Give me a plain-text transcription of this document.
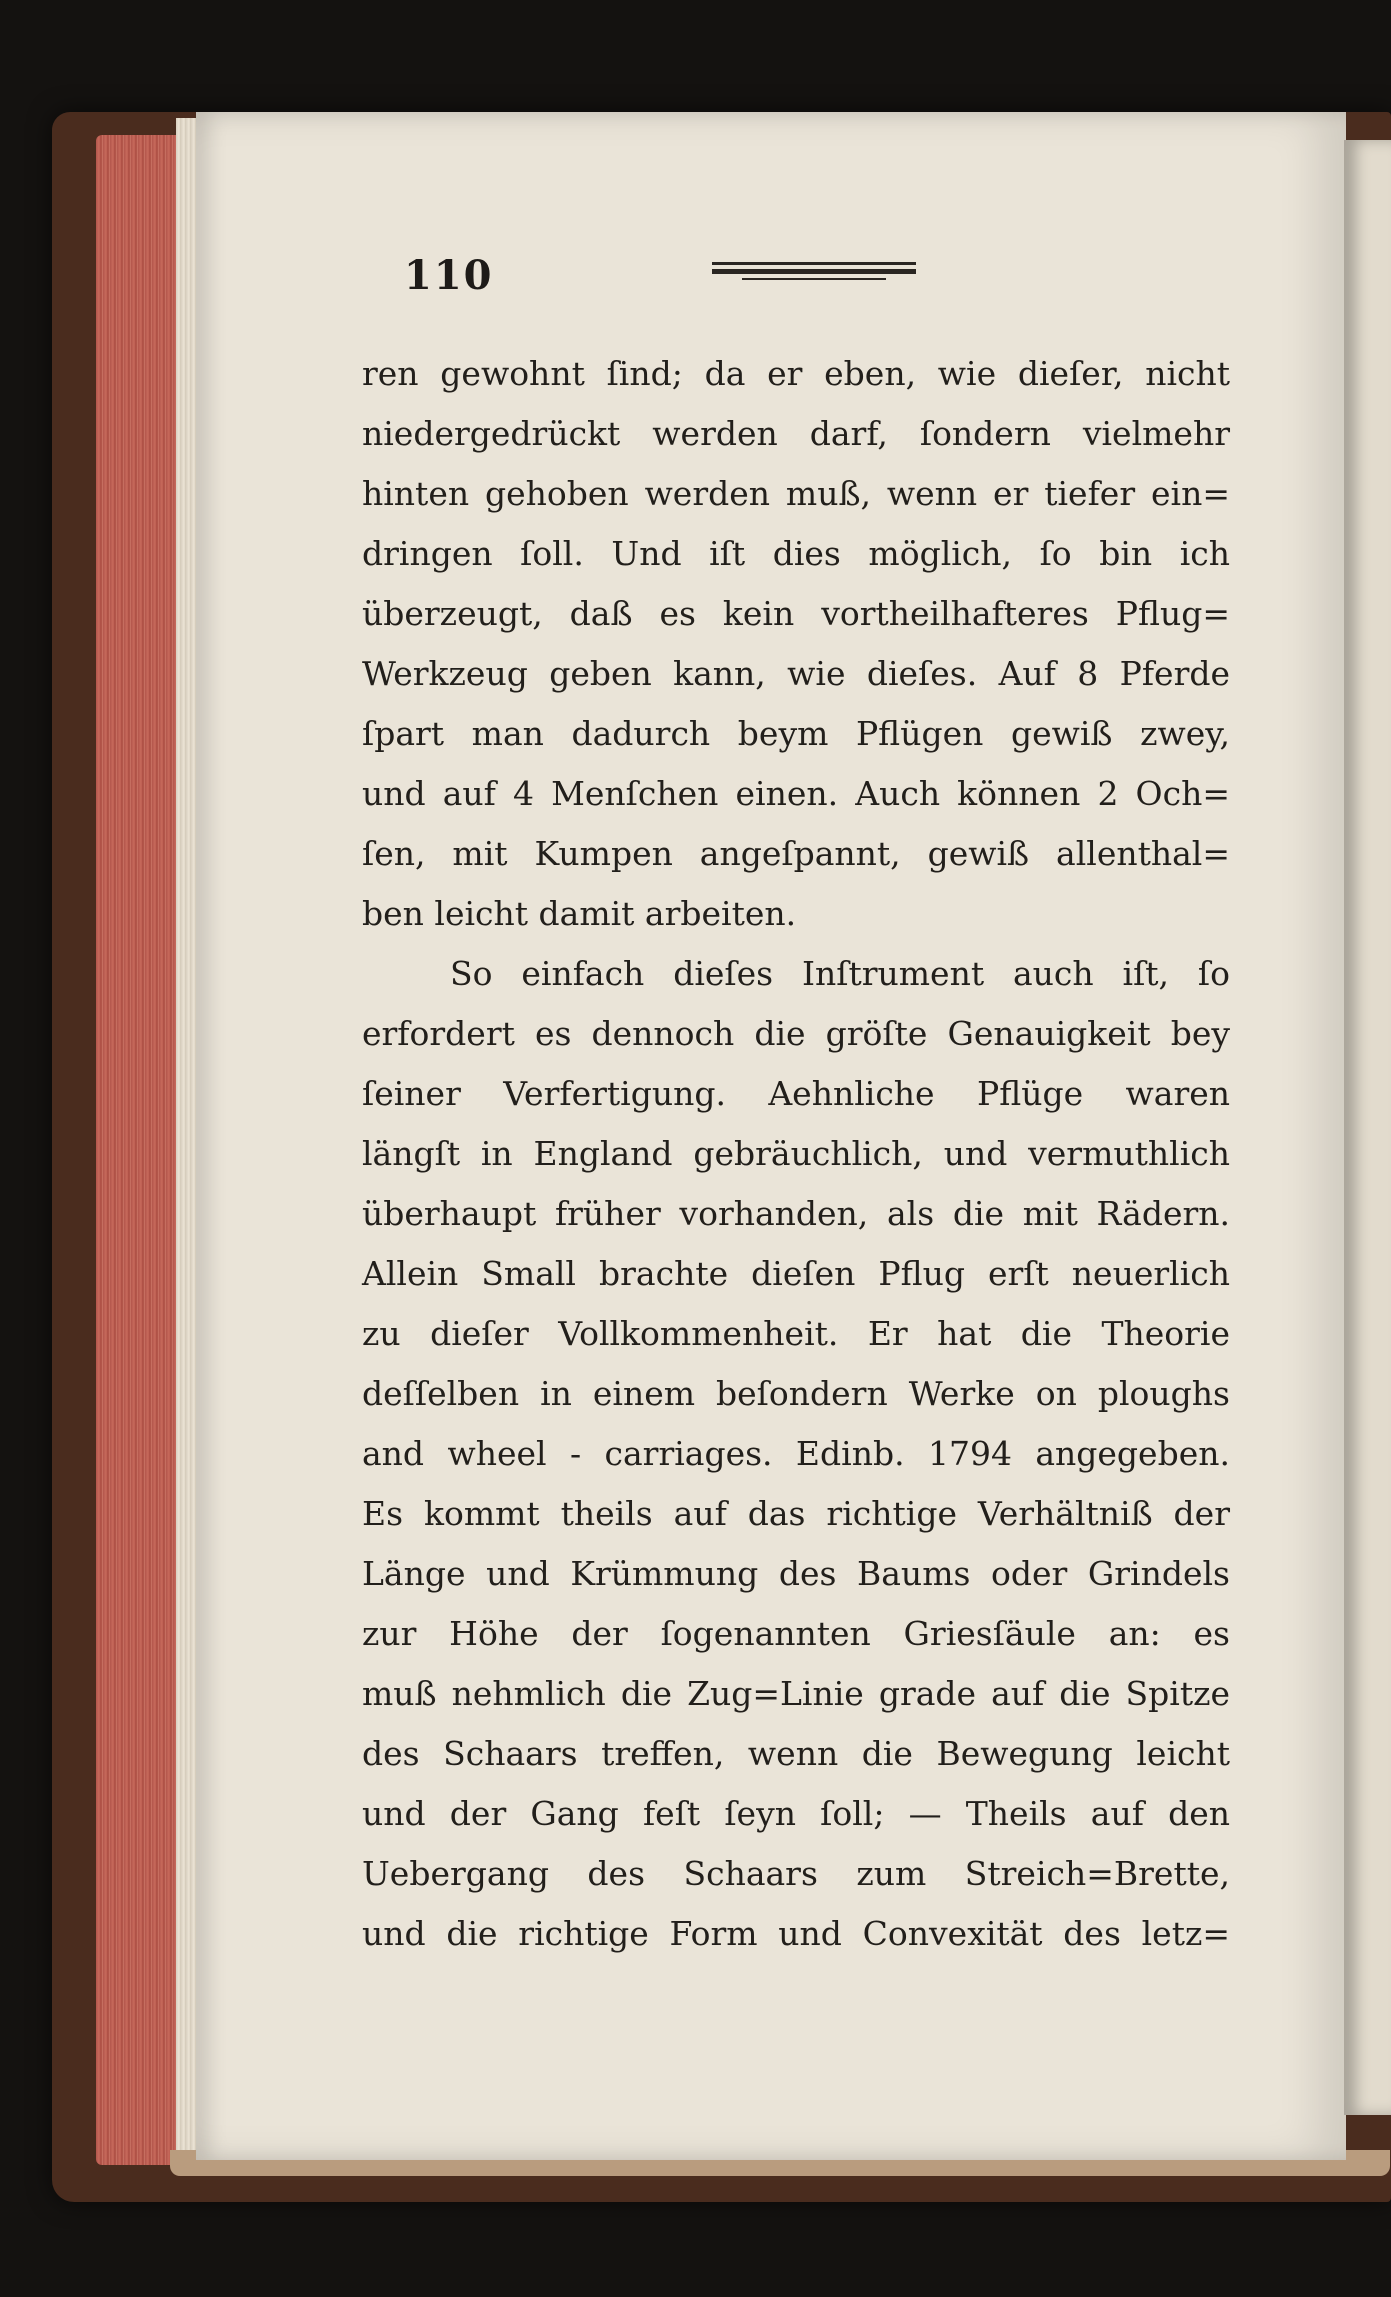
110
ren gewohnt ſind; da er eben, wie dieſer, nicht
niedergedrückt werden darf, ſondern vielmehr
hinten gehoben werden muß, wenn er tiefer ein=
dringen ſoll. Und iſt dies möglich, ſo bin ich
überzeugt, daß es kein vortheilhafteres Pflug=
Werkzeug geben kann, wie dieſes. Auf 8 Pferde
ſpart man dadurch beym Pflügen gewiß zwey,
und auf 4 Menſchen einen. Auch können 2 Och=
ſen, mit Kumpen angeſpannt, gewiß allenthal=
ben leicht damit arbeiten.
So einfach dieſes Inſtrument auch iſt, ſo
erfordert es dennoch die gröſte Genauigkeit bey
ſeiner Verfertigung. Aehnliche Pflüge waren
längſt in England gebräuchlich, und vermuthlich
überhaupt früher vorhanden, als die mit Rädern.
Allein Small brachte dieſen Pflug erſt neuerlich
zu dieſer Vollkommenheit. Er hat die Theorie
deſſelben in einem beſondern Werke on ploughs
and wheel - carriages. Edinb. 1794 angegeben.
Es kommt theils auf das richtige Verhältniß der
Länge und Krümmung des Baums oder Grindels
zur Höhe der ſogenannten Griesſäule an: es
muß nehmlich die Zug=Linie grade auf die Spitze
des Schaars treffen, wenn die Bewegung leicht
und der Gang feſt ſeyn ſoll; — Theils auf den
Uebergang des Schaars zum Streich=Brette,
und die richtige Form und Convexität des letz=
